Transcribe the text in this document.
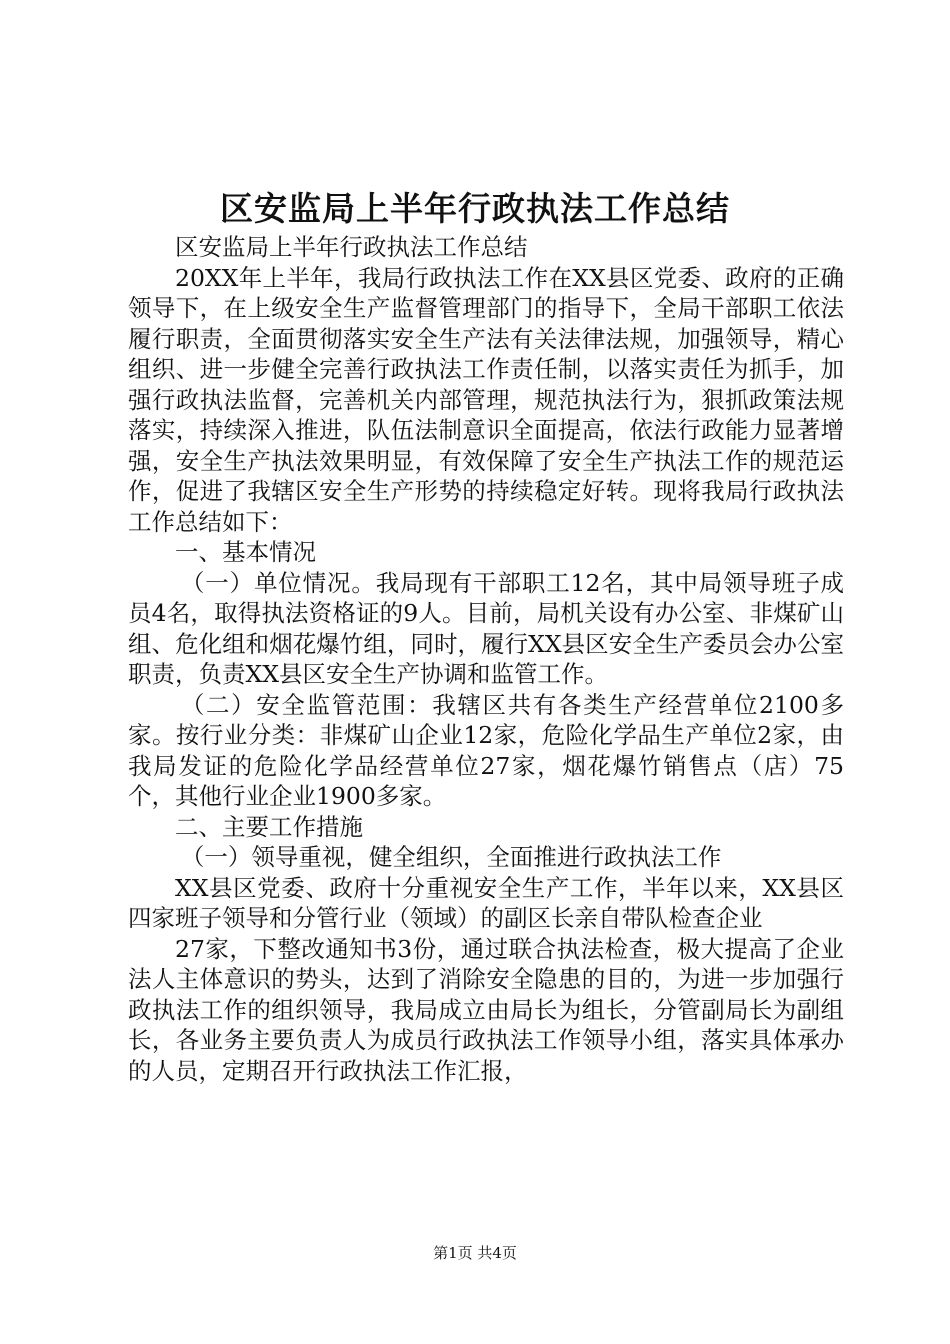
区安监局上半年行政执法工作总结

区安监局上半年行政执法工作总结

20XX年上半年，我局行政执法工作在XX县区党委、政府的正确领导下，在上级安全生产监督管理部门的指导下，全局干部职工依法履行职责，全面贯彻落实安全生产法有关法律法规，加强领导，精心组织、进一步健全完善行政执法工作责任制，以落实责任为抓手，加强行政执法监督，完善机关内部管理，规范执法行为，狠抓政策法规落实，持续深入推进，队伍法制意识全面提高，依法行政能力显著增强，安全生产执法效果明显，有效保障了安全生产执法工作的规范运作，促进了我辖区安全生产形势的持续稳定好转。现将我局行政执法工作总结如下：

一、基本情况

（一）单位情况。我局现有干部职工12名，其中局领导班子成员4名，取得执法资格证的9人。目前，局机关设有办公室、非煤矿山组、危化组和烟花爆竹组，同时，履行XX县区安全生产委员会办公室职责，负责XX县区安全生产协调和监管工作。

（二）安全监管范围：我辖区共有各类生产经营单位2100多家。按行业分类：非煤矿山企业12家，危险化学品生产单位2家，由我局发证的危险化学品经营单位27家，烟花爆竹销售点（店）75个，其他行业企业1900多家。

二、主要工作措施

（一）领导重视，健全组织，全面推进行政执法工作

XX县区党委、政府十分重视安全生产工作，半年以来，XX县区四家班子领导和分管行业（领域）的副区长亲自带队检查企业

27家，下整改通知书3份，通过联合执法检查，极大提高了企业法人主体意识的势头，达到了消除安全隐患的目的，为进一步加强行政执法工作的组织领导，我局成立由局长为组长，分管副局长为副组长，各业务主要负责人为成员行政执法工作领导小组，落实具体承办的人员，定期召开行政执法工作汇报，

第1页 共4页
